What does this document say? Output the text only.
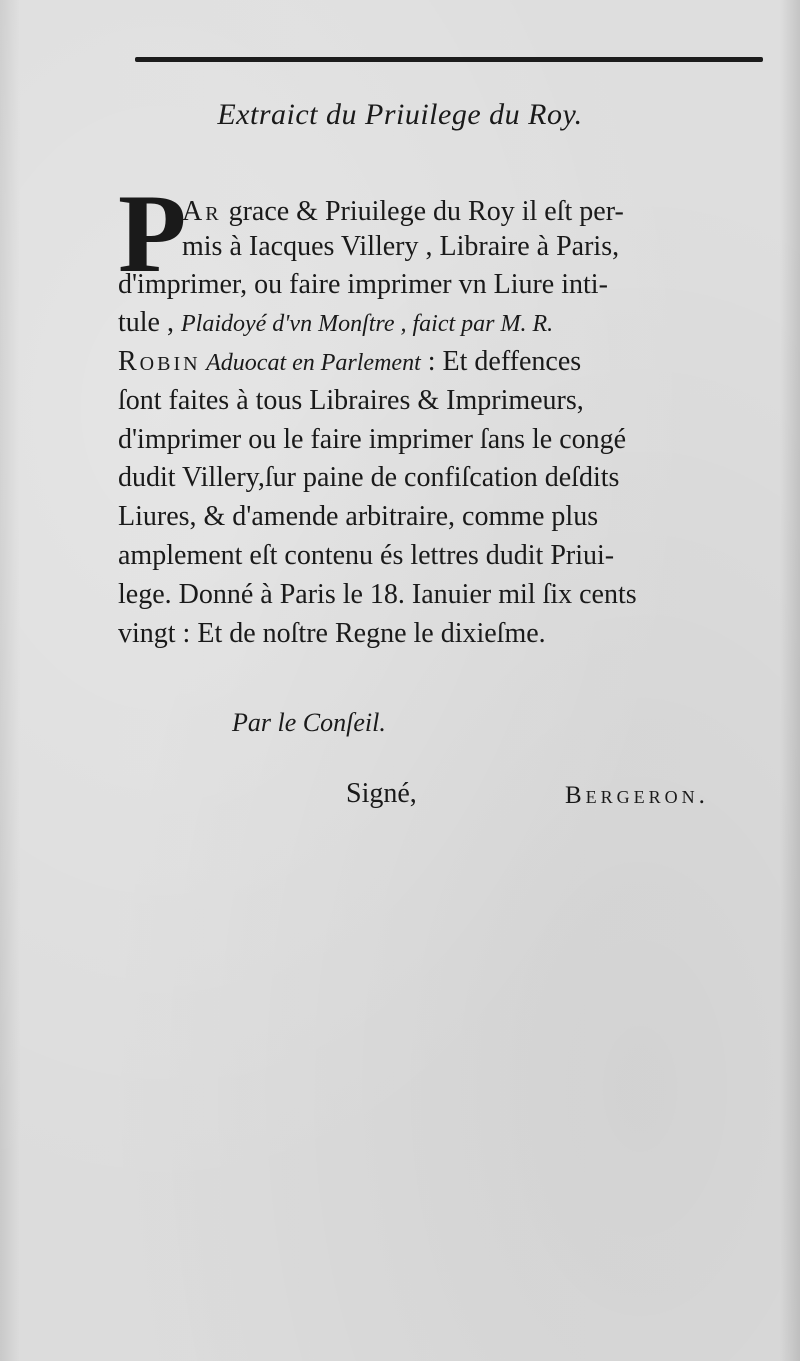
Extraict du Priuilege du Roy.
P
Ar grace & Priuilege du Roy il eſt per-
mis à Iacques Villery , Libraire à Paris,
d'imprimer, ou faire imprimer vn Liure inti-
tule , Plaidoyé d'vn Monſtre , faict par M. R.
Robin Aduocat en Parlement : Et deffences
ſont faites à tous Libraires & Imprimeurs,
d'imprimer ou le faire imprimer ſans le congé
dudit Villery,ſur paine de confiſcation deſdits
Liures, & d'amende arbitraire, comme plus
amplement eſt contenu és lettres dudit Priui-
lege. Donné à Paris le 18. Ianuier mil ſix cents
vingt : Et de noſtre Regne le dixieſme.
Par le Conſeil.
Signé,	Bergeron.
